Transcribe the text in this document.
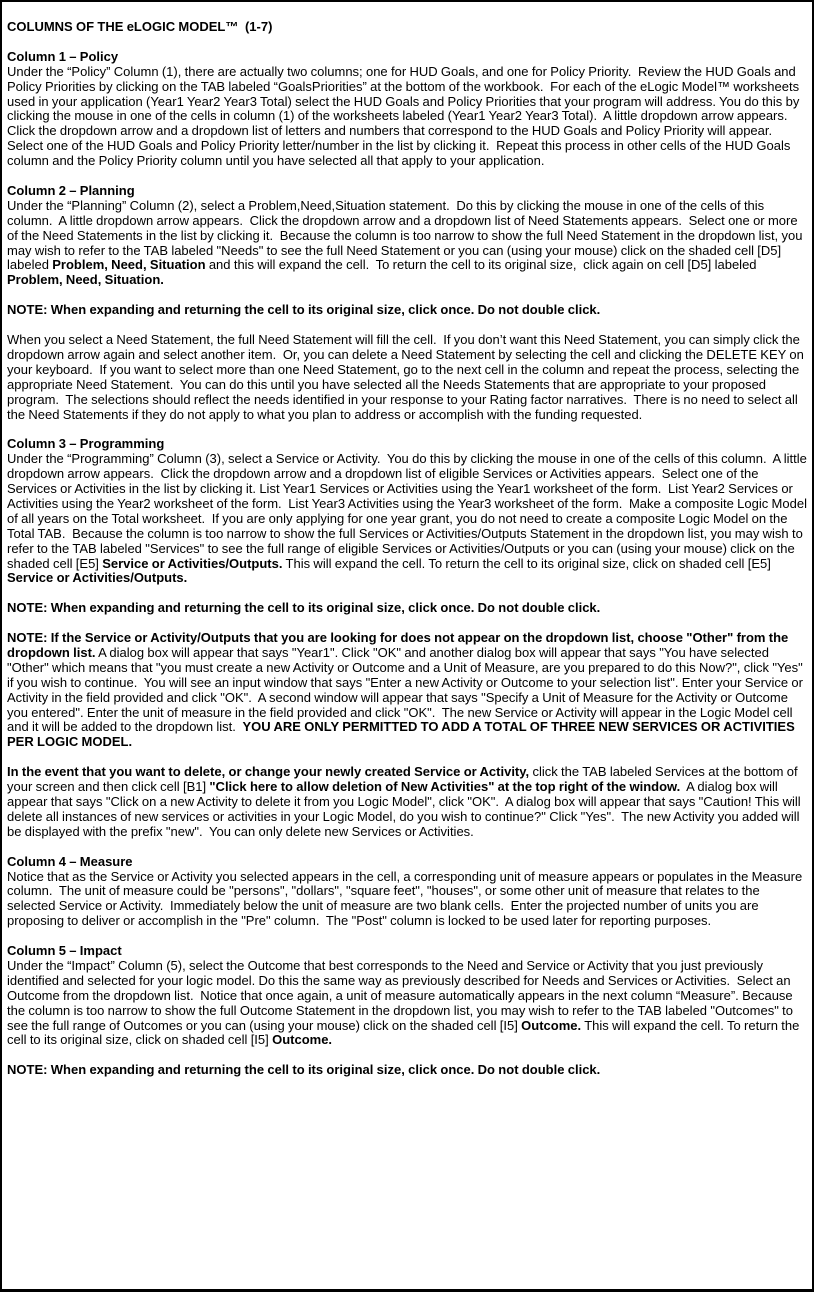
COLUMNS OF THE eLOGIC MODEL™  (1-7)

Column 1 – Policy

Under the “Policy” Column (1), there are actually two columns; one for HUD Goals, and one for Policy Priority.  Review the HUD Goals and Policy Priorities by clicking on the TAB labeled “GoalsPriorities” at the bottom of the workbook.  For each of the eLogic Model™ worksheets used in your application (Year1 Year2 Year3 Total) select the HUD Goals and Policy Priorities that your program will address. You do this by clicking the mouse in one of the cells in column (1) of the worksheets labeled (Year1 Year2 Year3 Total).  A little dropdown arrow appears.  Click the dropdown arrow and a dropdown list of letters and numbers that correspond to the HUD Goals and Policy Priority will appear. Select one of the HUD Goals and Policy Priority letter/number in the list by clicking it.  Repeat this process in other cells of the HUD Goals column and the Policy Priority column until you have selected all that apply to your application.

Column 2 – Planning

Under the “Planning” Column (2), select a Problem,Need,Situation statement.  Do this by clicking the mouse in one of the cells of this column.  A little dropdown arrow appears.  Click the dropdown arrow and a dropdown list of Need Statements appears.  Select one or more of the Need Statements in the list by clicking it.  Because the column is too narrow to show the full Need Statement in the dropdown list, you may wish to refer to the TAB labeled "Needs" to see the full Need Statement or you can (using your mouse) click on the shaded cell [D5] labeled Problem, Need, Situation and this will expand the cell.  To return the cell to its original size,  click again on cell [D5] labeled Problem, Need, Situation.

NOTE: When expanding and returning the cell to its original size, click once. Do not double click.

When you select a Need Statement, the full Need Statement will fill the cell.  If you don’t want this Need Statement, you can simply click the dropdown arrow again and select another item.  Or, you can delete a Need Statement by selecting the cell and clicking the DELETE KEY on your keyboard.  If you want to select more than one Need Statement, go to the next cell in the column and repeat the process, selecting the appropriate Need Statement.  You can do this until you have selected all the Needs Statements that are appropriate to your proposed program.  The selections should reflect the needs identified in your response to your Rating factor narratives.  There is no need to select all the Need Statements if they do not apply to what you plan to address or accomplish with the funding requested.

Column 3 – Programming

Under the “Programming” Column (3), select a Service or Activity.  You do this by clicking the mouse in one of the cells of this column.  A little dropdown arrow appears.  Click the dropdown arrow and a dropdown list of eligible Services or Activities appears.  Select one of the Services or Activities in the list by clicking it. List Year1 Services or Activities using the Year1 worksheet of the form.  List Year2 Services or Activities using the Year2 worksheet of the form.  List Year3 Activities using the Year3 worksheet of the form.  Make a composite Logic Model of all years on the Total worksheet.  If you are only applying for one year grant, you do not need to create a composite Logic Model on the Total TAB.  Because the column is too narrow to show the full Services or Activities/Outputs Statement in the dropdown list, you may wish to refer to the TAB labeled "Services" to see the full range of eligible Services or Activities/Outputs or you can (using your mouse) click on the shaded cell [E5] Service or Activities/Outputs. This will expand the cell. To return the cell to its original size, click on shaded cell [E5] Service or Activities/Outputs.

NOTE: When expanding and returning the cell to its original size, click once. Do not double click.

NOTE: If the Service or Activity/Outputs that you are looking for does not appear on the dropdown list, choose "Other" from the dropdown list. A dialog box will appear that says "Year1". Click "OK" and another dialog box will appear that says "You have selected "Other" which means that "you must create a new Activity or Outcome and a Unit of Measure, are you prepared to do this Now?", click "Yes" if you wish to continue.  You will see an input window that says "Enter a new Activity or Outcome to your selection list". Enter your Service or Activity in the field provided and click "OK".  A second window will appear that says "Specify a Unit of Measure for the Activity or Outcome you entered". Enter the unit of measure in the field provided and click "OK".  The new Service or Activity will appear in the Logic Model cell and it will be added to the dropdown list.  YOU ARE ONLY PERMITTED TO ADD A TOTAL OF THREE NEW SERVICES OR ACTIVITIES PER LOGIC MODEL.

In the event that you want to delete, or change your newly created Service or Activity, click the TAB labeled Services at the bottom of your screen and then click cell [B1] "Click here to allow deletion of New Activities" at the top right of the window.  A dialog box will appear that says "Click on a new Activity to delete it from you Logic Model", click "OK".  A dialog box will appear that says "Caution! This will delete all instances of new services or activities in your Logic Model, do you wish to continue?" Click "Yes".  The new Activity you added will be displayed with the prefix "new".  You can only delete new Services or Activities.

Column 4 – Measure

Notice that as the Service or Activity you selected appears in the cell, a corresponding unit of measure appears or populates in the Measure column.  The unit of measure could be "persons", "dollars", "square feet", "houses", or some other unit of measure that relates to the selected Service or Activity.  Immediately below the unit of measure are two blank cells.  Enter the projected number of units you are proposing to deliver or accomplish in the "Pre" column.  The "Post" column is locked to be used later for reporting purposes.

Column 5 – Impact

Under the “Impact” Column (5), select the Outcome that best corresponds to the Need and Service or Activity that you just previously identified and selected for your logic model. Do this the same way as previously described for Needs and Services or Activities.  Select an Outcome from the dropdown list.  Notice that once again, a unit of measure automatically appears in the next column “Measure”. Because the column is too narrow to show the full Outcome Statement in the dropdown list, you may wish to refer to the TAB labeled "Outcomes" to see the full range of Outcomes or you can (using your mouse) click on the shaded cell [I5] Outcome. This will expand the cell. To return the cell to its original size, click on shaded cell [I5] Outcome.

NOTE: When expanding and returning the cell to its original size, click once. Do not double click.
